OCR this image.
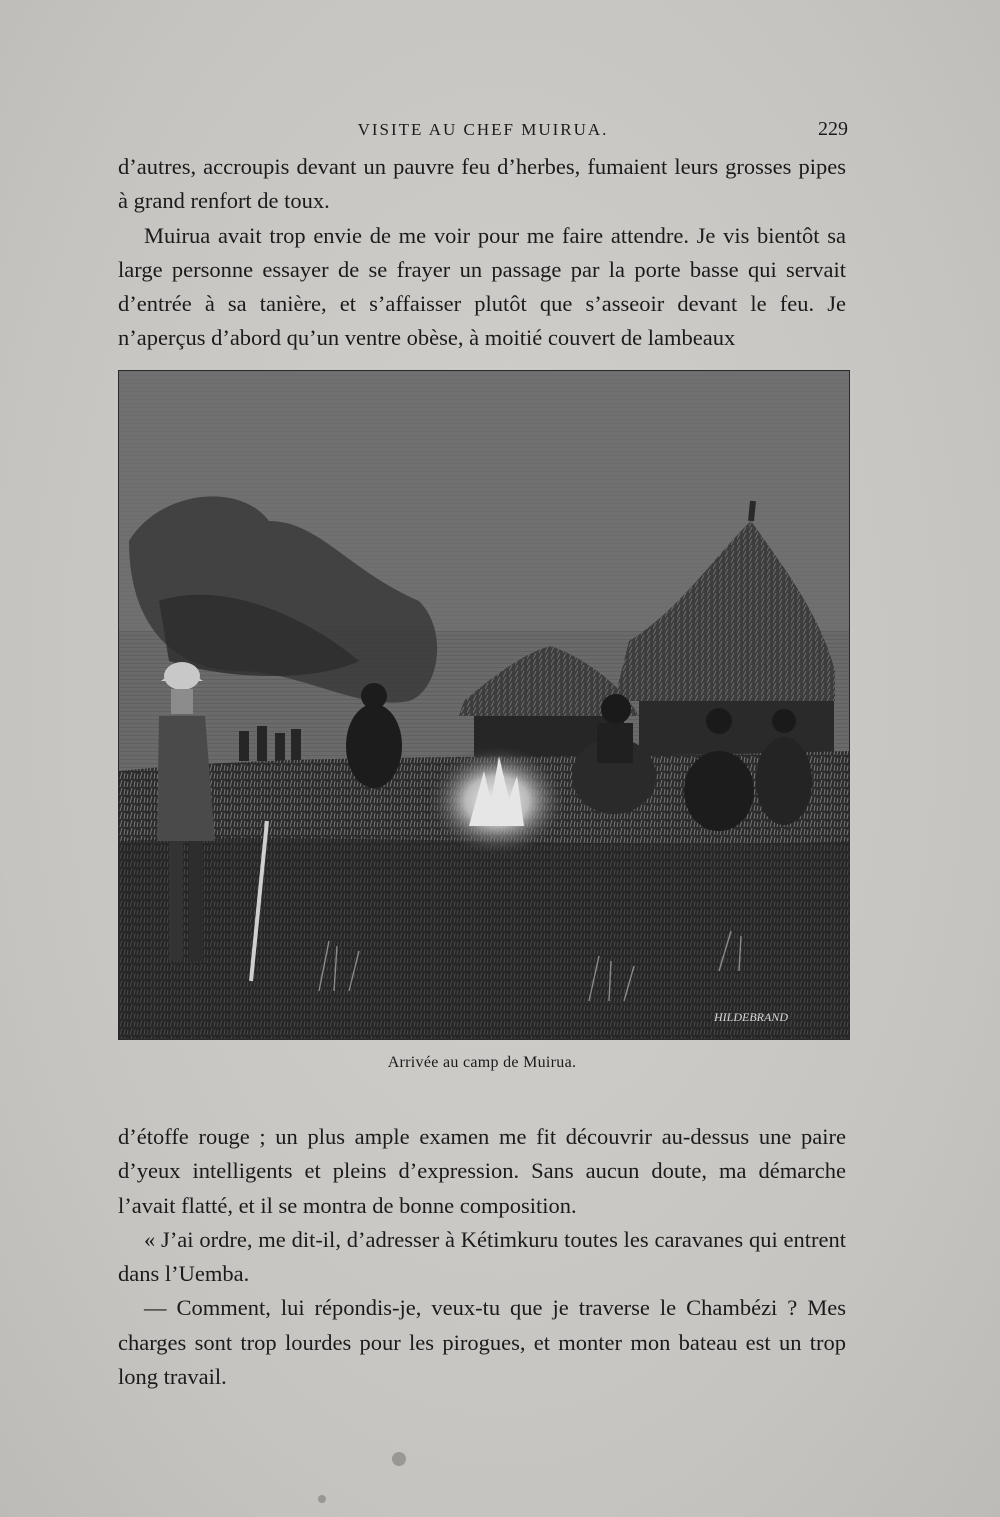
VISITE AU CHEF MUIRUA.	229

d’autres, accroupis devant un pauvre feu d’herbes, fumaient leurs grosses pipes à grand renfort de toux.

Muirua avait trop envie de me voir pour me faire attendre. Je vis bientôt sa large personne essayer de se frayer un passage par la porte basse qui servait d’entrée à sa tanière, et s’affaisser plutôt que s’asseoir devant le feu. Je n’aperçus d’abord qu’un ventre obèse, à moitié couvert de lambeaux

HILDEBRAND
Arrivée au camp de Muirua.

d’étoffe rouge ; un plus ample examen me fit découvrir au-dessus une paire d’yeux intelligents et pleins d’expression. Sans aucun doute, ma démarche l’avait flatté, et il se montra de bonne composition.

« J’ai ordre, me dit-il, d’adresser à Kétimkuru toutes les caravanes qui entrent dans l’Uemba.

— Comment, lui répondis-je, veux-tu que je traverse le Chambézi ? Mes charges sont trop lourdes pour les pirogues, et monter mon bateau est un trop long travail.
